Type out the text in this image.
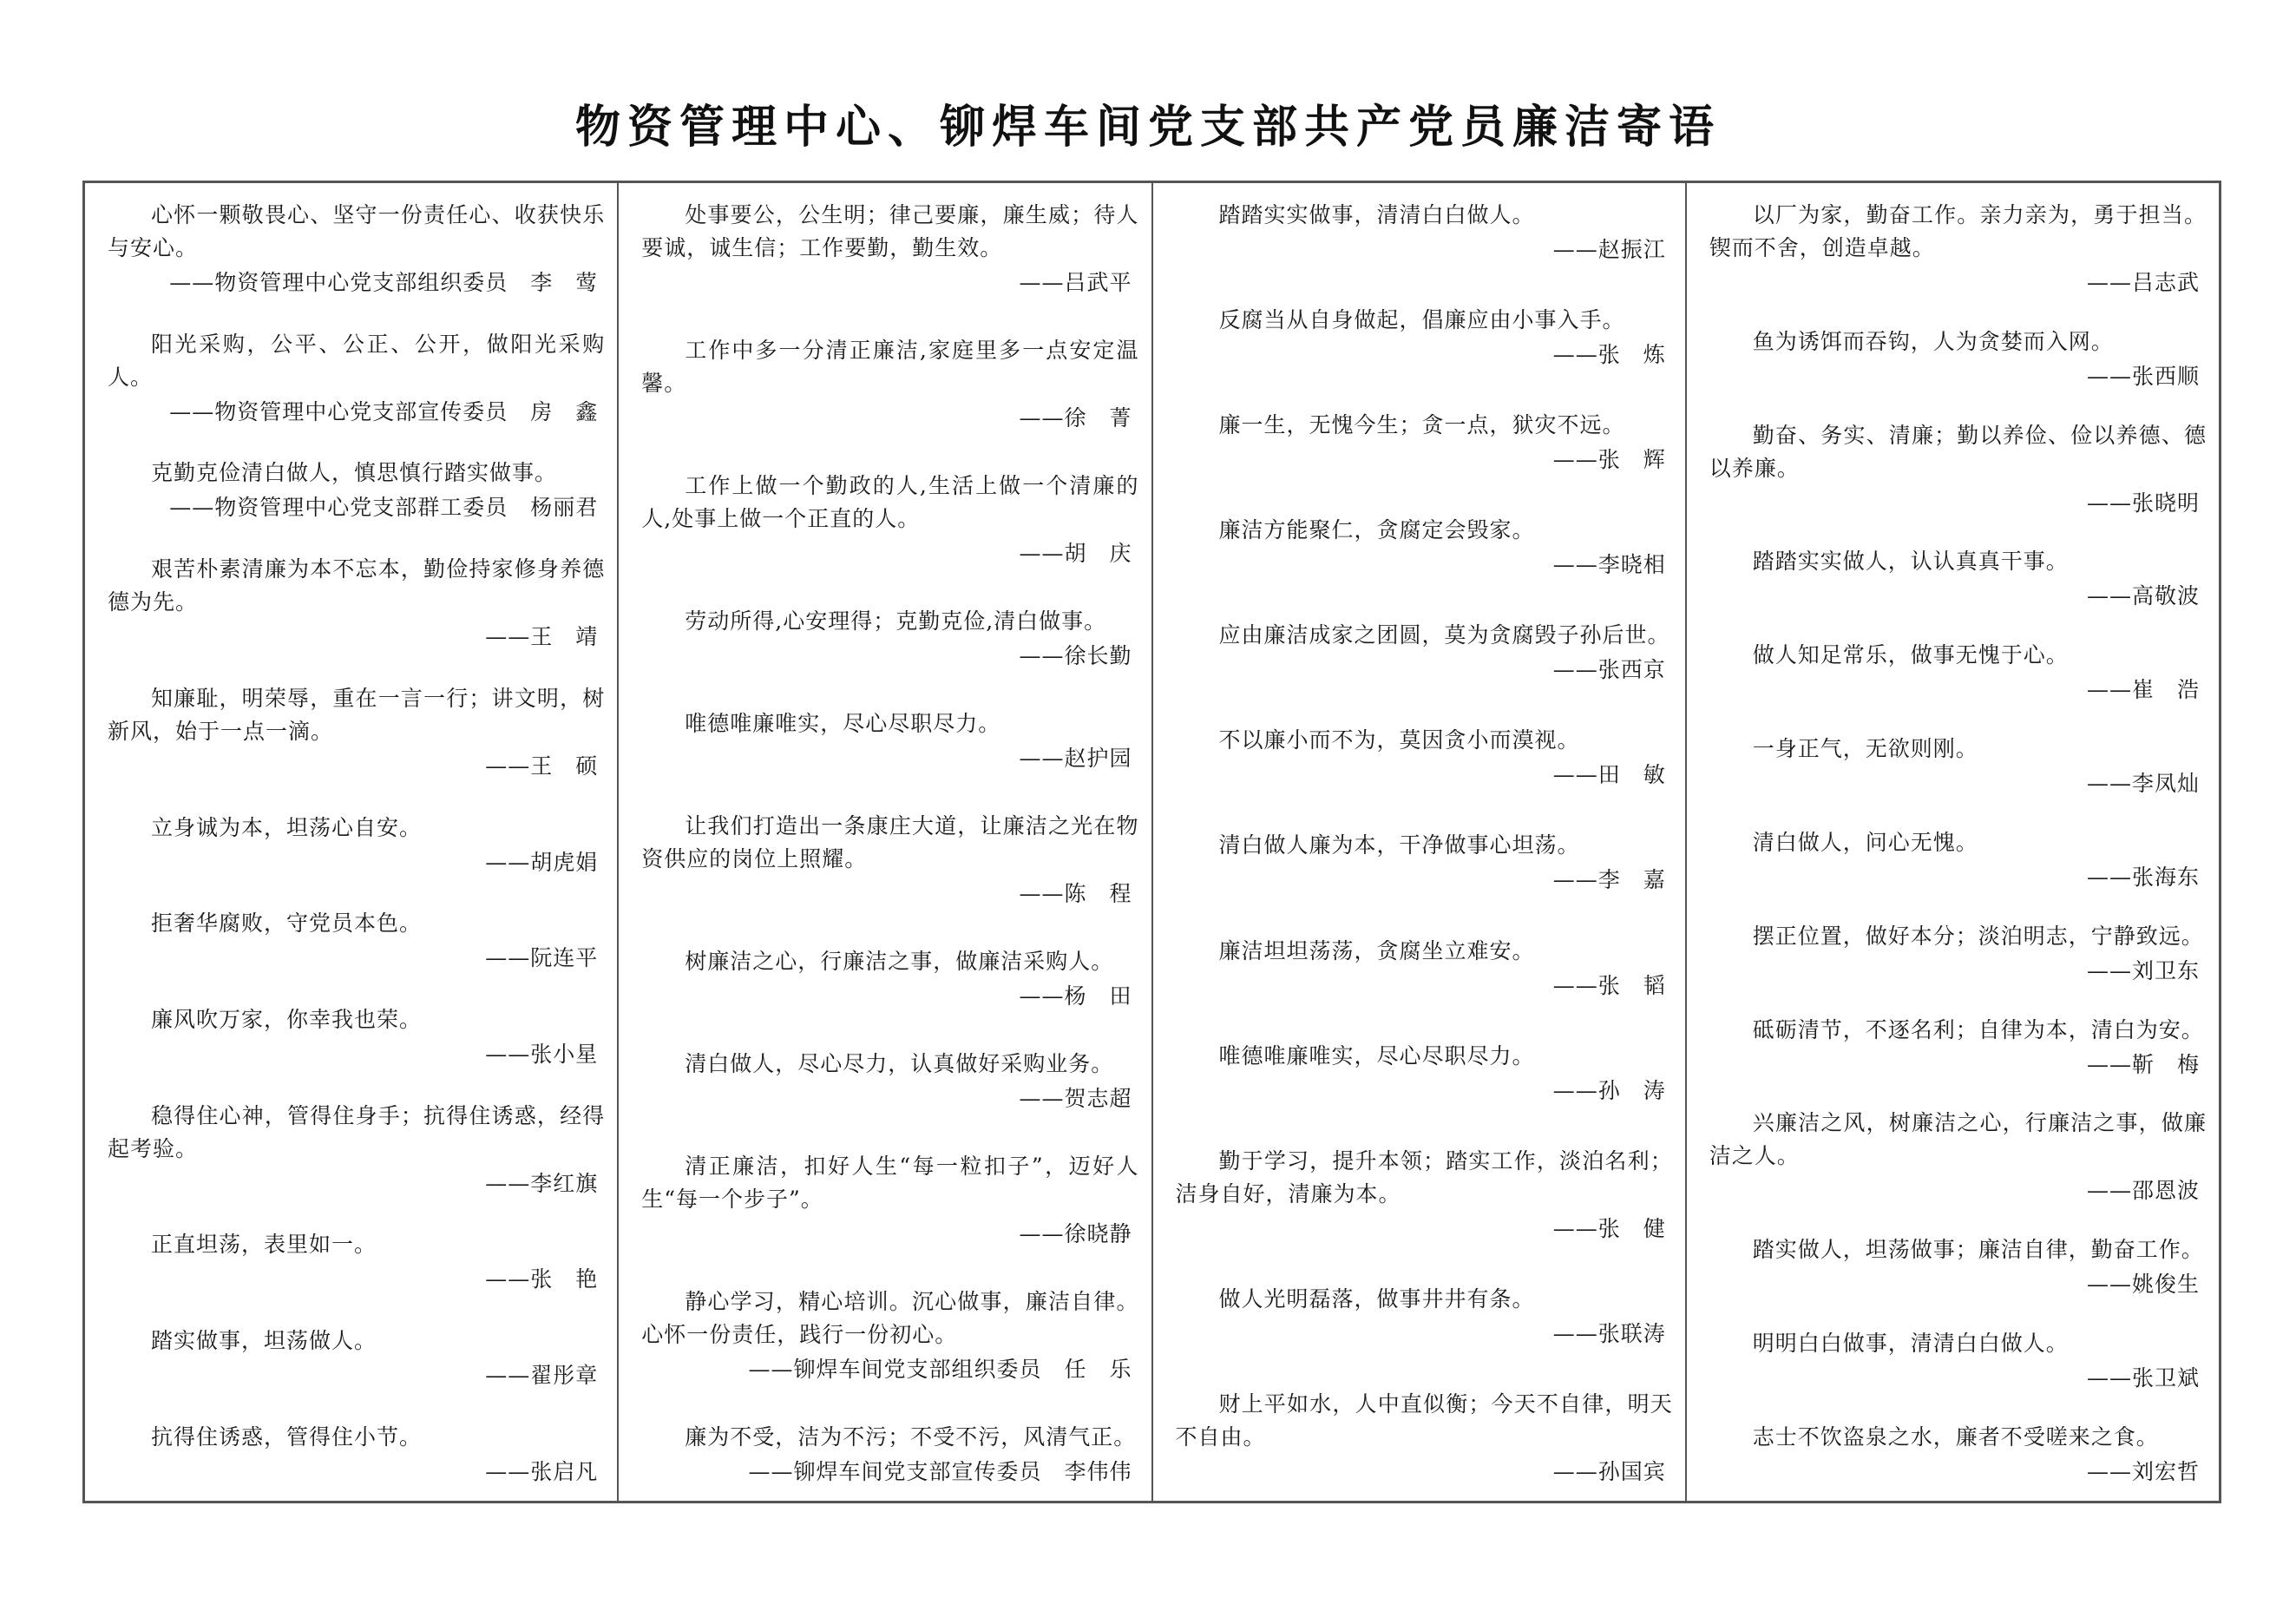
物资管理中心、铆焊车间党支部共产党员廉洁寄语

心怀一颗敬畏心、坚守一份责任心、收获快乐与安心。

——物资管理中心党支部组织委员　李　莺

阳光采购，公平、公正、公开，做阳光采购人。

——物资管理中心党支部宣传委员　房　鑫

克勤克俭清白做人，慎思慎行踏实做事。

——物资管理中心党支部群工委员　杨丽君

艰苦朴素清廉为本不忘本，勤俭持家修身养德德为先。

——王　靖

知廉耻，明荣辱，重在一言一行；讲文明，树新风，始于一点一滴。

——王　硕

立身诚为本，坦荡心自安。

——胡虎娟

拒奢华腐败，守党员本色。

——阮连平

廉风吹万家，你幸我也荣。

——张小星

稳得住心神，管得住身手；抗得住诱惑，经得起考验。

——李红旗

正直坦荡，表里如一。

——张　艳

踏实做事，坦荡做人。

——翟彤章

抗得住诱惑，管得住小节。

——张启凡

处事要公，公生明；律己要廉，廉生威；待人要诚，诚生信；工作要勤，勤生效。

——吕武平

工作中多一分清正廉洁,家庭里多一点安定温馨。

——徐　菁

工作上做一个勤政的人,生活上做一个清廉的人,处事上做一个正直的人。

——胡　庆

劳动所得,心安理得；克勤克俭,清白做事。

——徐长勤

唯德唯廉唯实，尽心尽职尽力。

——赵护园

让我们打造出一条康庄大道，让廉洁之光在物资供应的岗位上照耀。

——陈　程

树廉洁之心，行廉洁之事，做廉洁采购人。

——杨　田

清白做人，尽心尽力，认真做好采购业务。

——贺志超

清正廉洁，扣好人生“每一粒扣子”，迈好人生“每一个步子”。

——徐晓静

静心学习，精心培训。沉心做事，廉洁自律。心怀一份责任，践行一份初心。

——铆焊车间党支部组织委员　任　乐

廉为不受，洁为不污；不受不污，风清气正。

——铆焊车间党支部宣传委员　李伟伟

踏踏实实做事，清清白白做人。

——赵振江

反腐当从自身做起，倡廉应由小事入手。

——张　炼

廉一生，无愧今生；贪一点，狱灾不远。

——张　辉

廉洁方能聚仁，贪腐定会毁家。

——李晓相

应由廉洁成家之团圆，莫为贪腐毁子孙后世。

——张西京

不以廉小而不为，莫因贪小而漠视。

——田　敏

清白做人廉为本，干净做事心坦荡。

——李　嘉

廉洁坦坦荡荡，贪腐坐立难安。

——张　韬

唯德唯廉唯实，尽心尽职尽力。

——孙　涛

勤于学习，提升本领；踏实工作，淡泊名利；洁身自好，清廉为本。

——张　健

做人光明磊落，做事井井有条。

——张联涛

财上平如水，人中直似衡；今天不自律，明天不自由。

——孙国宾

以厂为家，勤奋工作。亲力亲为，勇于担当。锲而不舍，创造卓越。

——吕志武

鱼为诱饵而吞钩，人为贪婪而入网。

——张西顺

勤奋、务实、清廉；勤以养俭、俭以养德、德以养廉。

——张晓明

踏踏实实做人，认认真真干事。

——高敬波

做人知足常乐，做事无愧于心。

——崔　浩

一身正气，无欲则刚。

——李凤灿

清白做人，问心无愧。

——张海东

摆正位置，做好本分；淡泊明志，宁静致远。

——刘卫东

砥砺清节，不逐名利；自律为本，清白为安。

——靳　梅

兴廉洁之风，树廉洁之心，行廉洁之事，做廉洁之人。

——邵恩波

踏实做人，坦荡做事；廉洁自律，勤奋工作。

——姚俊生

明明白白做事，清清白白做人。

——张卫斌

志士不饮盗泉之水，廉者不受嗟来之食。

——刘宏哲
